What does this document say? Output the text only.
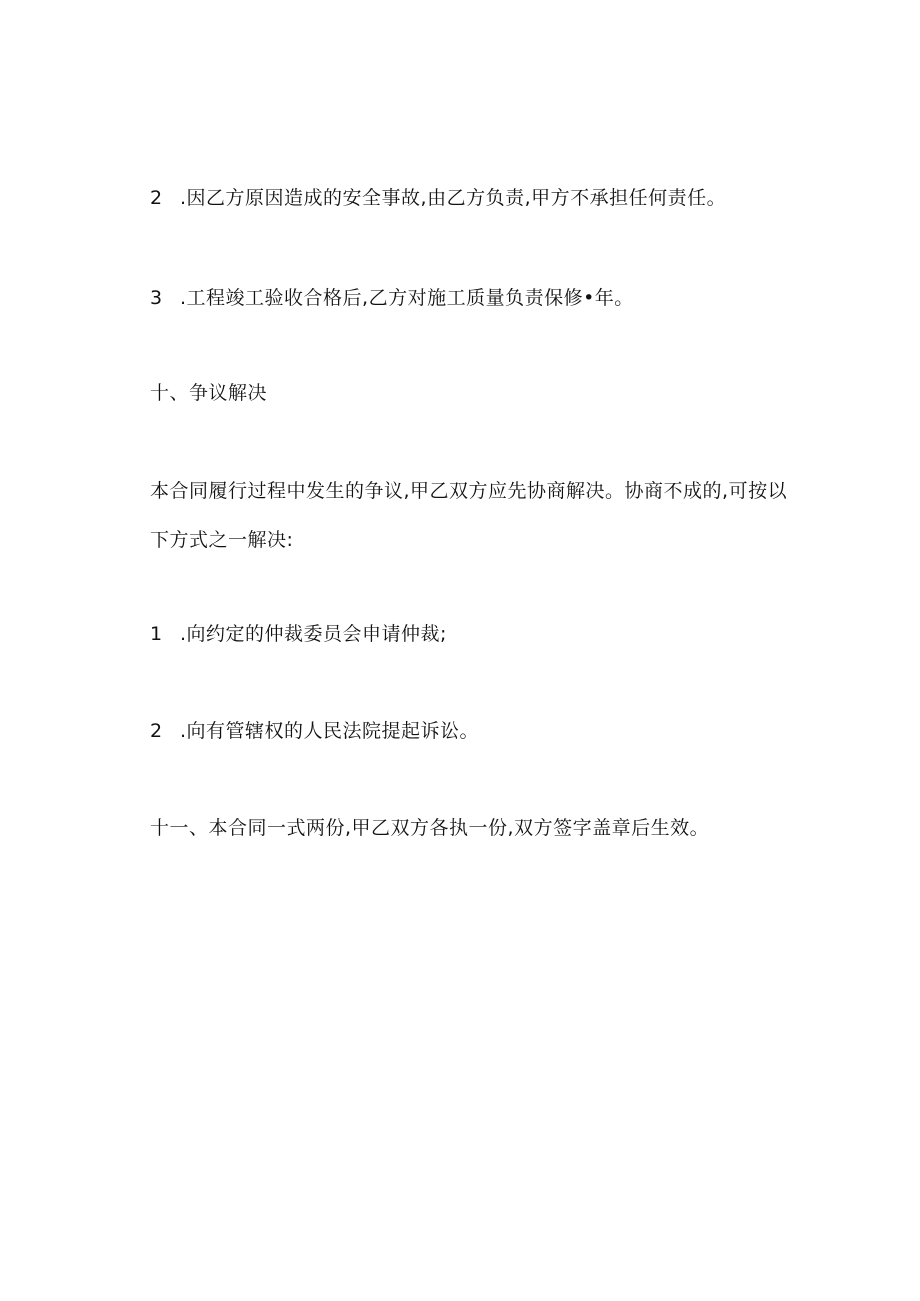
2 .因乙方原因造成的安全事故,由乙方负责,甲方不承担任何责任。
3 .工程竣工验收合格后,乙方对施工质量负责保修•年。
十、争议解决
本合同履行过程中发生的争议,甲乙双方应先协商解决。协商不成的,可按以
下方式之一解决:
1 .向约定的仲裁委员会申请仲裁;
2 .向有管辖权的人民法院提起诉讼。
十一、本合同一式两份,甲乙双方各执一份,双方签字盖章后生效。
